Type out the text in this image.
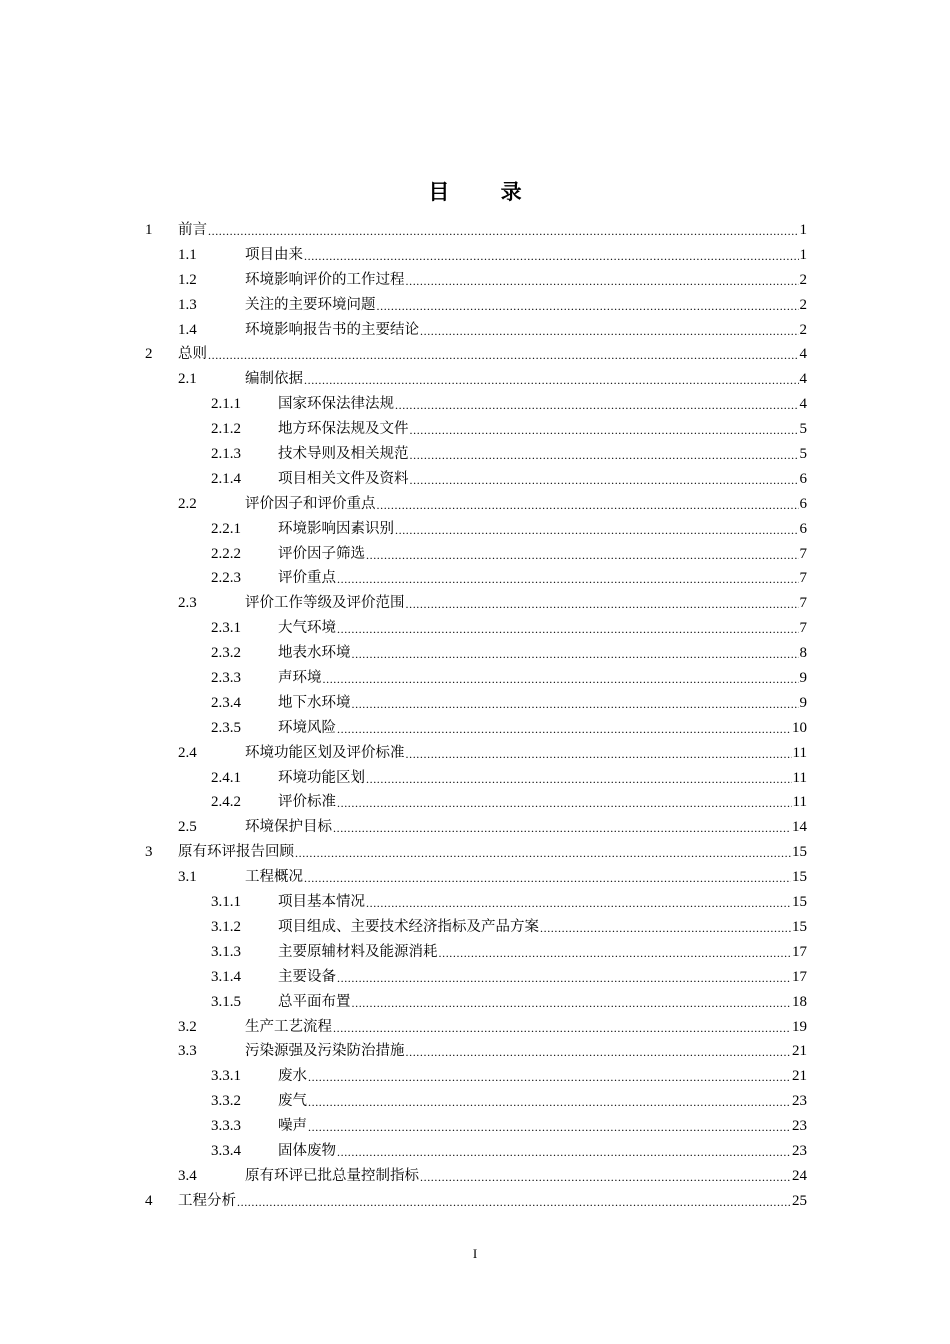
目 录
1	前言 .....	1
1.1	项目由来 .....	1
1.2	环境影响评价的工作过程 .....	2
1.3	关注的主要环境问题 .....	2
1.4	环境影响报告书的主要结论 .....	2
2	总则 .....	4
2.1	编制依据 .....	4
2.1.1	国家环保法律法规 .....	4
2.1.2	地方环保法规及文件 .....	5
2.1.3	技术导则及相关规范 .....	5
2.1.4	项目相关文件及资料 .....	6
2.2	评价因子和评价重点 .....	6
2.2.1	环境影响因素识别 .....	6
2.2.2	评价因子筛选 .....	7
2.2.3	评价重点 .....	7
2.3	评价工作等级及评价范围 .....	7
2.3.1	大气环境 .....	7
2.3.2	地表水环境 .....	8
2.3.3	声环境 .....	9
2.3.4	地下水环境 .....	9
2.3.5	环境风险 .....	10
2.4	环境功能区划及评价标准 .....	11
2.4.1	环境功能区划 .....	11
2.4.2	评价标准 .....	11
2.5	环境保护目标 .....	14
3	原有环评报告回顾 .....	15
3.1	工程概况 .....	15
3.1.1	项目基本情况 .....	15
3.1.2	项目组成、主要技术经济指标及产品方案 .....	15
3.1.3	主要原辅材料及能源消耗 .....	17
3.1.4	主要设备 .....	17
3.1.5	总平面布置 .....	18
3.2	生产工艺流程 .....	19
3.3	污染源强及污染防治措施 .....	21
3.3.1	废水 .....	21
3.3.2	废气 .....	23
3.3.3	噪声 .....	23
3.3.4	固体废物 .....	23
3.4	原有环评已批总量控制指标 .....	24
4	工程分析 .....	25
I
